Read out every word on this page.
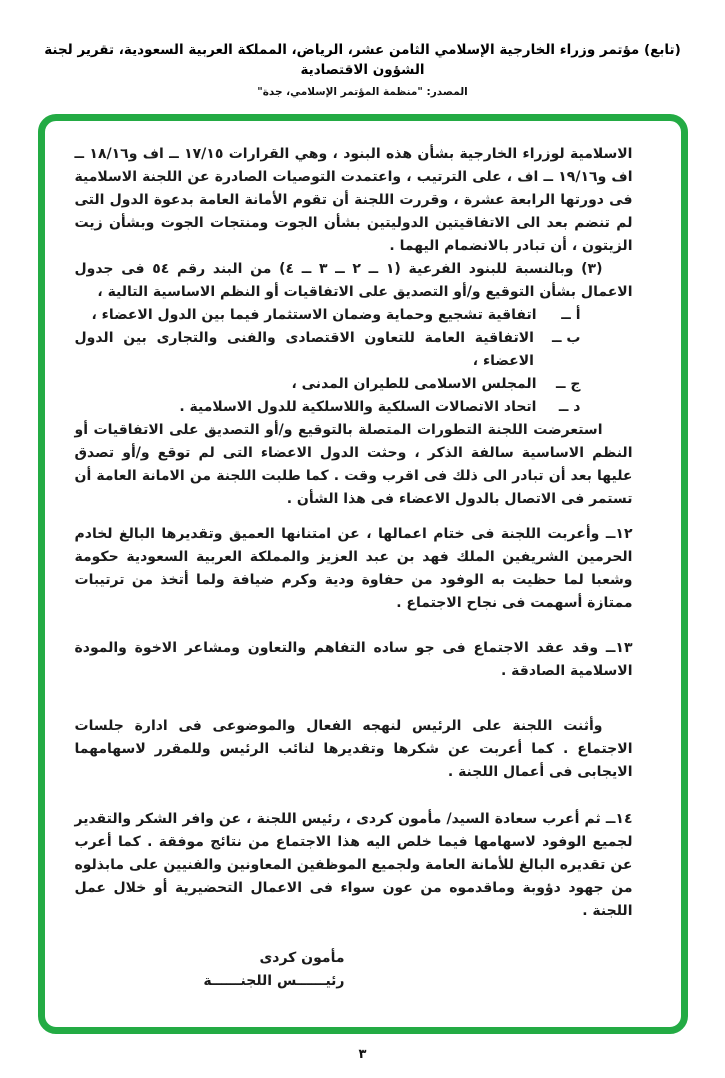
(تابع) مؤتمر وزراء الخارجية الإسلامي الثامن عشر، الرياض، المملكة العربية السعودية، تقرير لجنة الشؤون الاقتصادية
المصدر: "منظمة المؤتمر الإسلامي، جدة"

الاسلامية لوزراء الخارجية بشأن هذه البنود ، وهي القرارات ١٧/١٥ ــ اف و١٨/١٦ ــ اف و١٩/١٦ ــ اف ، على الترتيب ، واعتمدت التوصيات الصادرة عن اللجنة الاسلامية فى دورتها الرابعة عشرة ، وقررت اللجنة أن تقوم الأمانة العامة بدعوة الدول التى لم تنضم بعد الى الاتفاقيتين الدوليتين بشأن الجوت ومنتجات الجوت وبشأن زيت الزيتون ، أن تبادر بالانضمام اليهما .

(٣) وبالنسبة للبنود الفرعية ‪(١ ــ ٢ ــ ٣ ــ ٤)‬ من البند رقم ٥٤ فى جدول الاعمال بشأن التوقيع و/أو التصديق على الاتفاقيات أو النظم الاساسية التالية ،

أ ــ
اتفاقية تشجيع وحماية وضمان الاستثمار فيما بين الدول الاعضاء ،
ب ــ
الاتفاقية العامة للتعاون الاقتصادى والفنى والتجارى بين الدول الاعضاء ،
ج ــ
المجلس الاسلامى للطيران المدنى ،
د ــ
اتحاد الاتصالات السلكية واللاسلكية للدول الاسلامية .

استعرضت اللجنة التطورات المتصلة بالتوقيع و/أو التصديق على الاتفاقيات أو النظم الاساسية سالفة الذكر ، وحثت الدول الاعضاء التى لم توقع و/أو تصدق عليها بعد أن تبادر الى ذلك فى اقرب وقت . كما طلبت اللجنة من الامانة العامة أن تستمر فى الاتصال بالدول الاعضاء فى هذا الشأن .

١٢ــ وأعربت اللجنة فى ختام اعمالها ، عن امتنانها العميق وتقديرها البالغ لخادم الحرمين الشريفين الملك فهد بن عبد العزيز والمملكة العربية السعودية حكومة وشعبا لما حظيت به الوفود من حفاوة ودية وكرم ضيافة ولما أتخذ من ترتيبات ممتازة أسهمت فى نجاح الاجتماع .

١٣ــ وقد عقد الاجتماع فى جو ساده التفاهم والتعاون ومشاعر الاخوة والمودة الاسلامية الصادقة .

وأثنت اللجنة على الرئيس لنهجه الفعال والموضوعى فى ادارة جلسات الاجتماع . كما أعربت عن شكرها وتقديرها لنائب الرئيس وللمقرر لاسهامهما الايجابى فى أعمال اللجنة .

١٤ــ ثم أعرب سعادة السيد/ مأمون كردى ، رئيس اللجنة ، عن وافر الشكر والتقدير لجميع الوفود لاسهامها فيما خلص اليه هذا الاجتماع من نتائج موفقة . كما أعرب عن تقديره البالغ للأمانة العامة ولجميع الموظفين المعاونين والفنيين على مابذلوه من جهود دؤوبة وماقدموه من عون سواء فى الاعمال التحضيرية أو خلال عمل اللجنة .

مأمون كردى
رئيــــــس اللجنــــــة
٣
